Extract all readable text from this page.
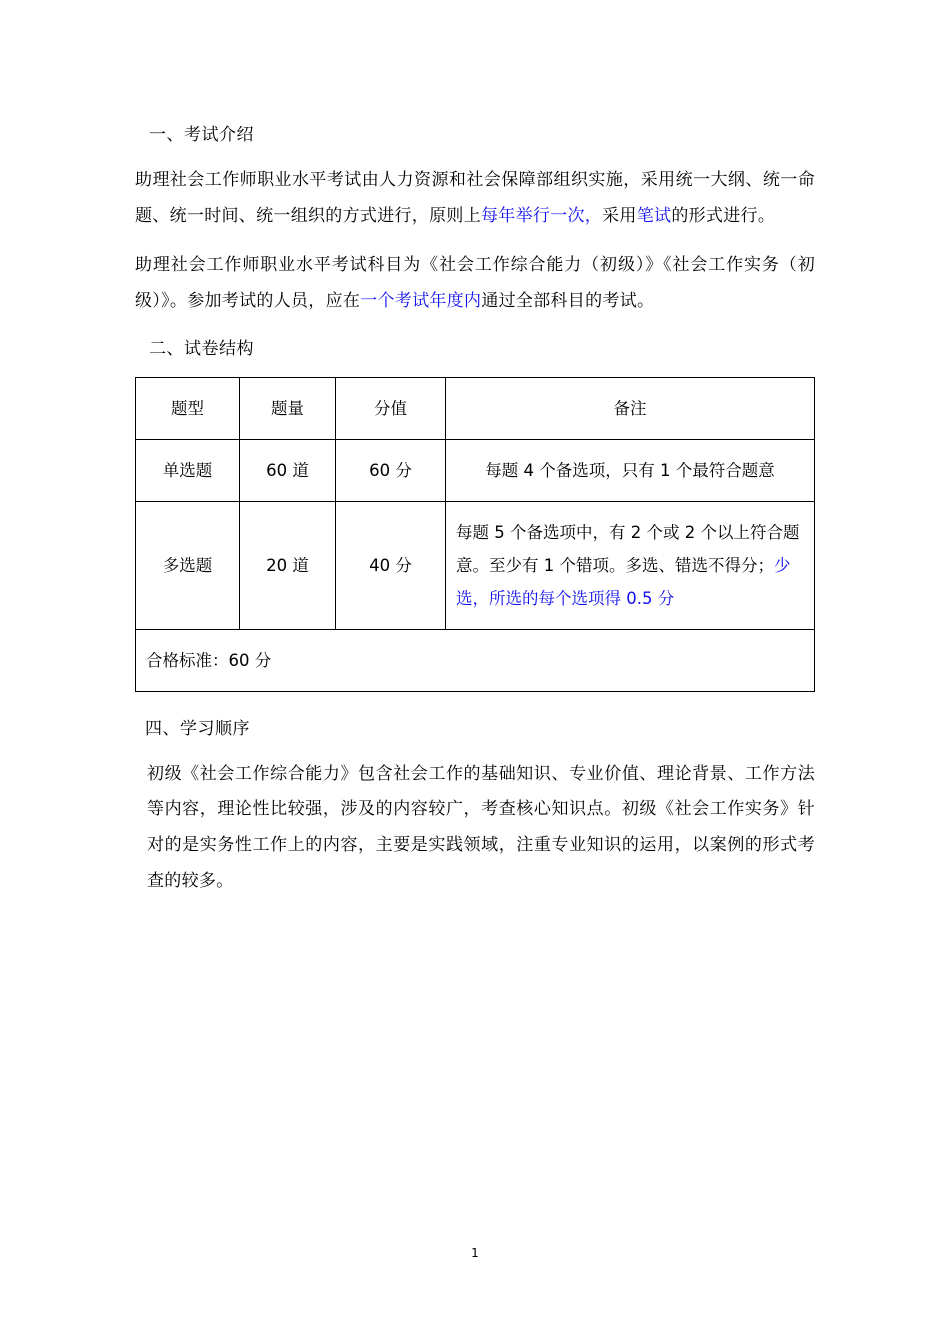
一、考试介绍

助理社会工作师职业水平考试由人力资源和社会保障部组织实施，采用统一大纲、统一命题、统一时间、统一组织的方式进行，原则上每年举行一次，采用笔试的形式进行。

助理社会工作师职业水平考试科目为《社会工作综合能力（初级）》《社会工作实务（初级）》。参加考试的人员，应在一个考试年度内通过全部科目的考试。

二、试卷结构
题型	题量	分值	备注
单选题	60 道	60 分	每题 4 个备选项，只有 1 个最符合题意
多选题	20 道	40 分	每题 5 个备选项中，有 2 个或 2 个以上符合题意。至少有 1 个错项。多选、错选不得分；少选，所选的每个选项得 0.5 分
合格标准：60 分			
四、学习顺序

初级《社会工作综合能力》包含社会工作的基础知识、专业价值、理论背景、工作方法等内容，理论性比较强，涉及的内容较广，考查核心知识点。初级《社会工作实务》针对的是实务性工作上的内容，主要是实践领域，注重专业知识的运用，以案例的形式考查的较多。

1
